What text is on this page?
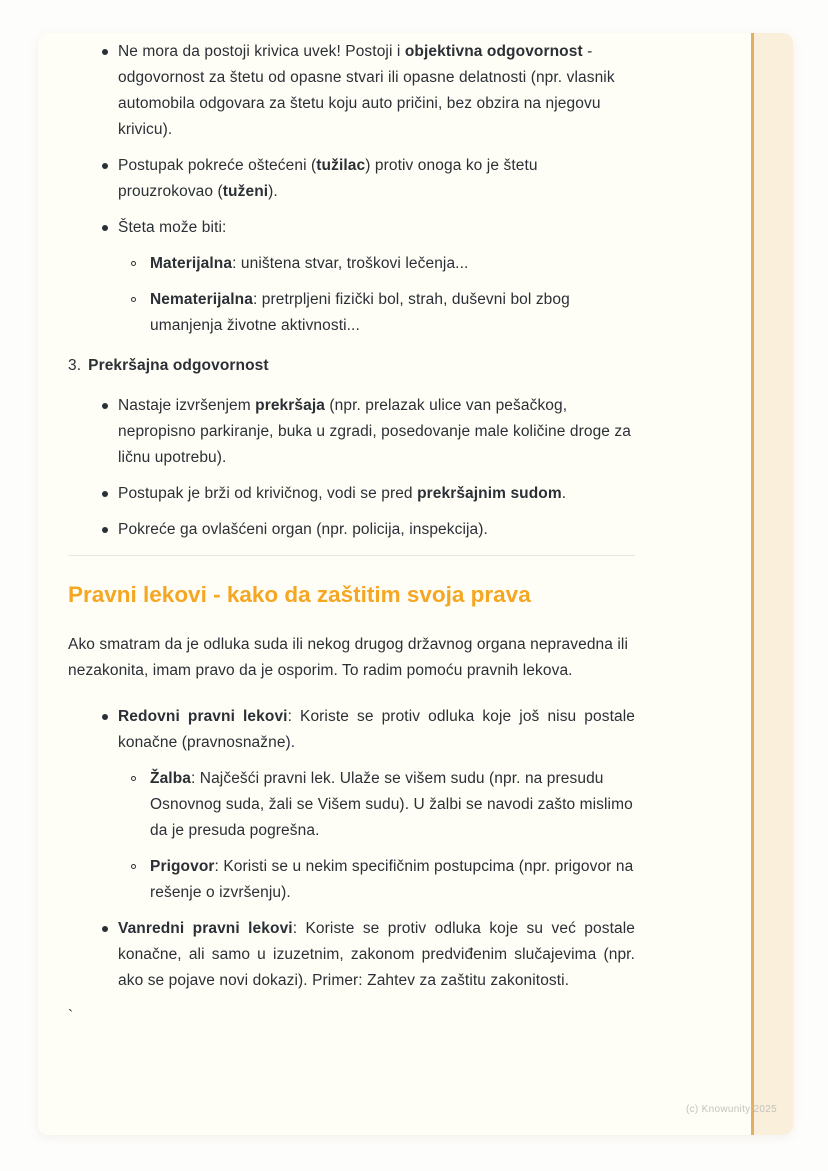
Ne mora da postoji krivica uvek! Postoji i objektivna odgovornost - odgovornost za štetu od opasne stvari ili opasne delatnosti (npr. vlasnik automobila odgovara za štetu koju auto pričini, bez obzira na njegovu krivicu).
Postupak pokreće oštećeni (tužilac) protiv onoga ko je štetu prouzrokovao (tuženi).
Šteta može biti:
Materijalna: uništena stvar, troškovi lečenja...
Nematerijalna: pretrpljeni fizički bol, strah, duševni bol zbog umanjenja životne aktivnosti...

3. Prekršajna odgovornost

Nastaje izvršenjem prekršaja (npr. prelazak ulice van pešačkog, nepropisno parkiranje, buka u zgradi, posedovanje male količine droge za ličnu upotrebu).
Postupak je brži od krivičnog, vodi se pred prekršajnim sudom.
Pokreće ga ovlašćeni organ (npr. policija, inspekcija).
Pravni lekovi - kako da zaštitim svoja prava

Ako smatram da je odluka suda ili nekog drugog državnog organa nepravedna ili nezakonita, imam pravo da je osporim. To radim pomoću pravnih lekova.

Redovni pravni lekovi: Koriste se protiv odluka koje još nisu postale konačne (pravnosnažne).
Žalba: Najčešći pravni lek. Ulaže se višem sudu (npr. na presudu Osnovnog suda, žali se Višem sudu). U žalbi se navodi zašto mislimo da je presuda pogrešna.
Prigovor: Koristi se u nekim specifičnim postupcima (npr. prigovor na rešenje o izvršenju).
Vanredni pravni lekovi: Koriste se protiv odluka koje su već postale konačne, ali samo u izuzetnim, zakonom predviđenim slučajevima (npr. ako se pojave novi dokazi). Primer: Zahtev za zaštitu zakonitosti.

`

(c) Knowunity 2025
